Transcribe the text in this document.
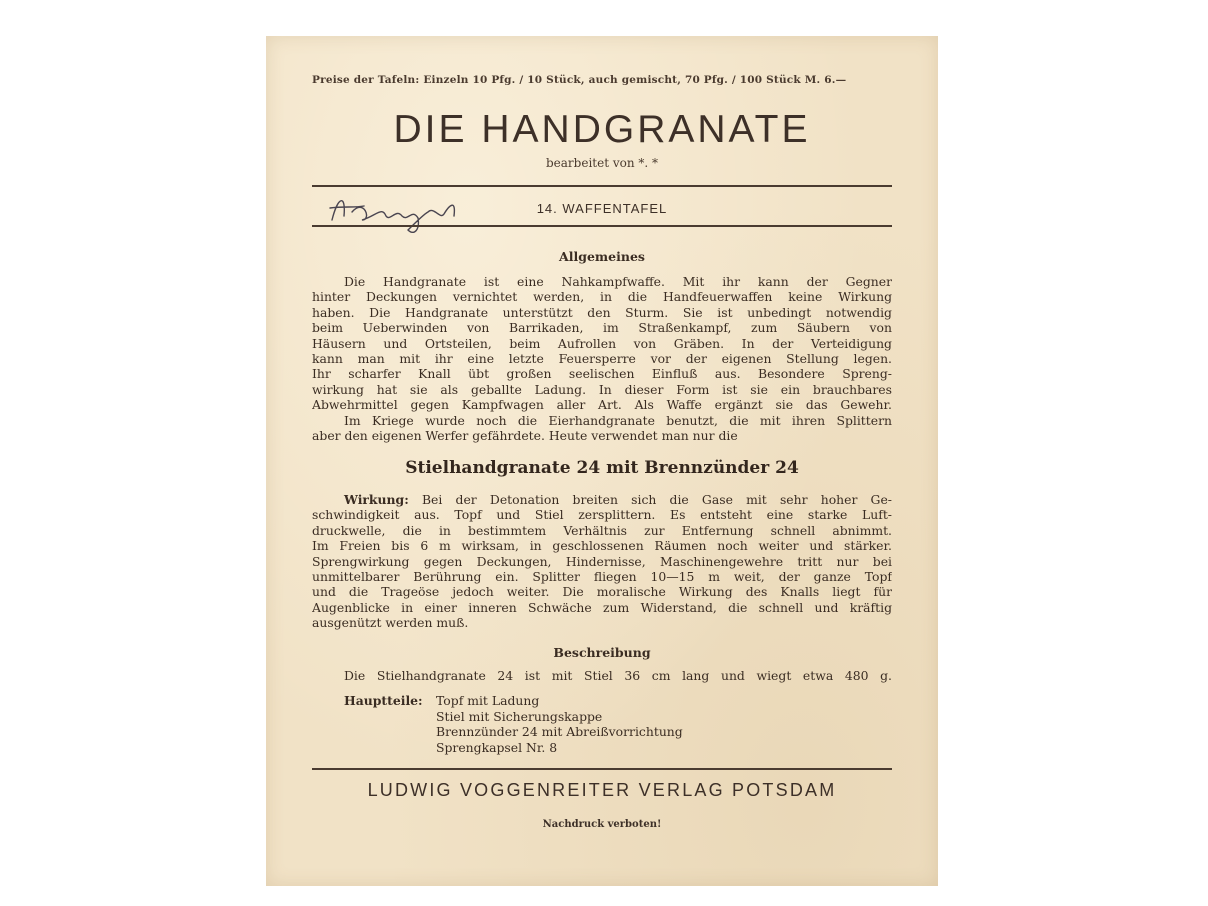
Preise der Tafeln: Einzeln 10 Pfg. / 10 Stück, auch gemischt, 70 Pfg. / 100 Stück M. 6.—
DIE HANDGRANATE
bearbeitet von *. *
14. WAFFENTAFEL
Allgemeines
Die Handgranate ist eine Nahkampfwaffe. Mit ihr kann der Gegner
hinter Deckungen vernichtet werden, in die Handfeuerwaffen keine Wirkung
haben. Die Handgranate unterstützt den Sturm. Sie ist unbedingt notwendig
beim Ueberwinden von Barrikaden, im Straßenkampf, zum Säubern von
Häusern und Ortsteilen, beim Aufrollen von Gräben. In der Verteidigung
kann man mit ihr eine letzte Feuersperre vor der eigenen Stellung legen.
Ihr scharfer Knall übt großen seelischen Einfluß aus. Besondere Spreng-
wirkung hat sie als geballte Ladung. In dieser Form ist sie ein brauchbares
Abwehrmittel gegen Kampfwagen aller Art. Als Waffe ergänzt sie das Gewehr.
Im Kriege wurde noch die Eierhandgranate benutzt, die mit ihren Splittern
aber den eigenen Werfer gefährdete. Heute verwendet man nur die
Stielhandgranate 24 mit Brennzünder 24
Wirkung: Bei der Detonation breiten sich die Gase mit sehr hoher Ge-
schwindigkeit aus. Topf und Stiel zersplittern. Es entsteht eine starke Luft-
druckwelle, die in bestimmtem Verhältnis zur Entfernung schnell abnimmt.
Im Freien bis 6 m wirksam, in geschlossenen Räumen noch weiter und stärker.
Sprengwirkung gegen Deckungen, Hindernisse, Maschinengewehre tritt nur bei
unmittelbarer Berührung ein. Splitter fliegen 10—15 m weit, der ganze Topf
und die Trageöse jedoch weiter. Die moralische Wirkung des Knalls liegt für
Augenblicke in einer inneren Schwäche zum Widerstand, die schnell und kräftig
ausgenützt werden muß.
Beschreibung
Die Stielhandgranate 24 ist mit Stiel 36 cm lang und wiegt etwa 480 g.
Hauptteile: Topf mit Ladung
Stiel mit Sicherungskappe
Brennzünder 24 mit Abreißvorrichtung
Sprengkapsel Nr. 8
LUDWIG VOGGENREITER VERLAG POTSDAM
Nachdruck verboten!
